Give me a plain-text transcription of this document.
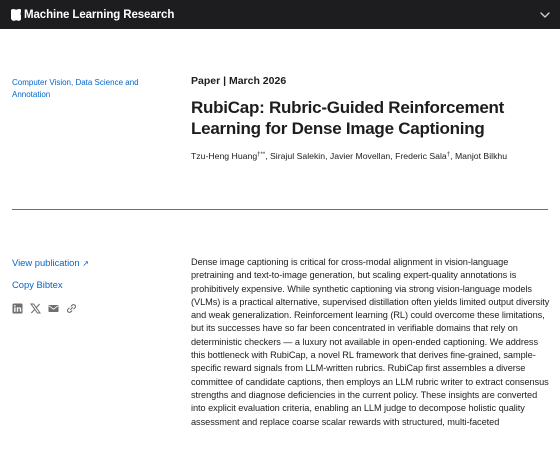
Machine Learning Research
Computer Vision, Data Science and Annotation
Paper | March 2026
RubiCap: Rubric-Guided Reinforcement Learning for Dense Image Captioning
Tzu-Heng Huang†**, Sirajul Salekin, Javier Movellan, Frederic Sala†, Manjot Bilkhu
View publication ↗
Copy Bibtex

Dense image captioning is critical for cross-modal alignment in vision-language pretraining and text-to-image generation, but scaling expert-quality annotations is prohibitively expensive. While synthetic captioning via strong vision-language models (VLMs) is a practical alternative, supervised distillation often yields limited output diversity and weak generalization. Reinforcement learning (RL) could overcome these limitations, but its successes have so far been concentrated in verifiable domains that rely on deterministic checkers — a luxury not available in open-ended captioning. We address this bottleneck with RubiCap, a novel RL framework that derives fine-grained, sample-specific reward signals from LLM-written rubrics. RubiCap first assembles a diverse committee of candidate captions, then employs an LLM rubric writer to extract consensus strengths and diagnose deficiencies in the current policy. These insights are converted into explicit evaluation criteria, enabling an LLM judge to decompose holistic quality assessment and replace coarse scalar rewards with structured, multi-faceted
